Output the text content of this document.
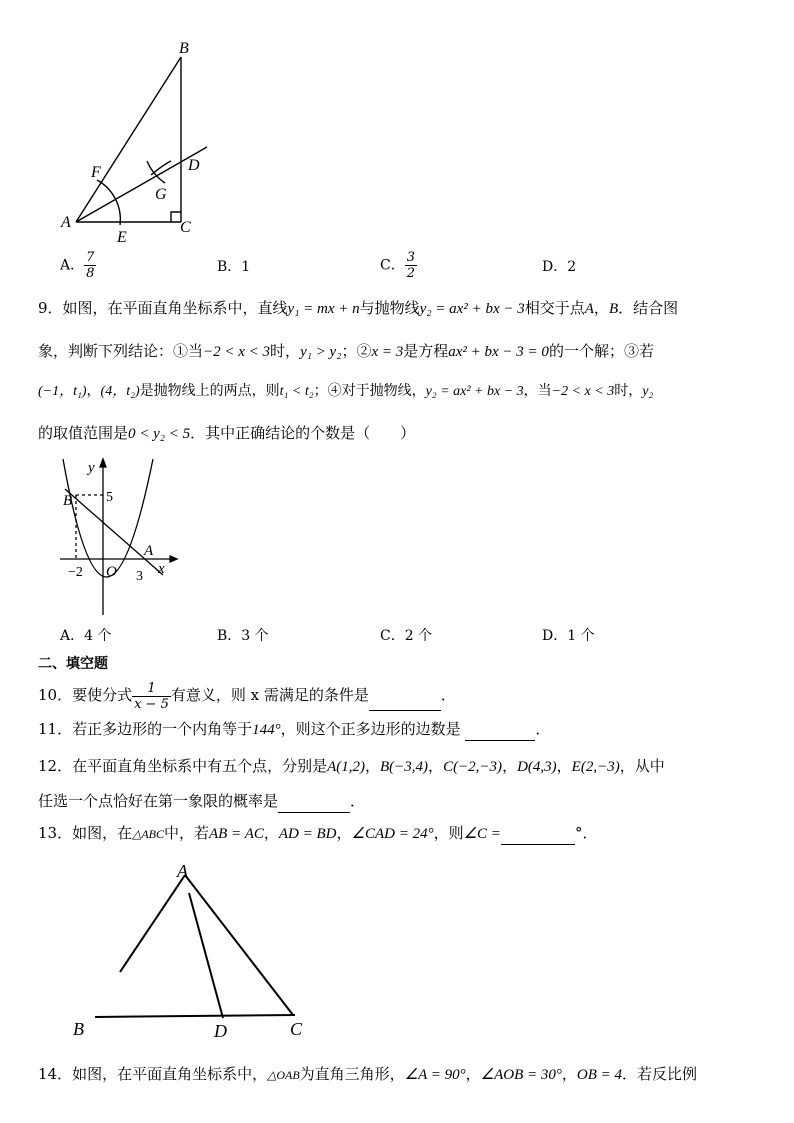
B
F	D
G
A
E
C
A． $\frac{7}{8}$	B．1	C． $\frac{3}{2}$	D．2
9．如图，在平面直角坐标系中，直线y₁ = mx + n与抛物线y₂ = ax² + bx − 3相交于点A，B．结合图
象，判断下列结论：①当−2 < x < 3时，y₁ > y₂；②x = 3是方程ax² + bx − 3 = 0的一个解；③若
(−1，t₁)，(4，t₂)是抛物线上的两点，则t₁ < t₂；④对于抛物线，y₂ = ax² + bx − 3，当−2 < x < 3时，y₂
的取值范围是0 < y₂ < 5．其中正确结论的个数是（　　）
y
5
B
A
−2 O 3 x
A．4 个	B．3 个	C．2 个	D．1 个
二、填空题
10．要使分式 $\frac{1}{x - 5}$ 有意义，则 x 需满足的条件是	．
11．若正多边形的一个内角等于144°，则这个正多边形的边数是	．
12．在平面直角坐标系中有五个点，分别是A(1,2)，B(−3,4)，C(−2,−3)，D(4,3)，E(2,−3)，从中
任选一个点恰好在第一象限的概率是	．
13．如图，在△ABC中，若AB = AC，AD = BD，∠CAD = 24°，则∠C =	°．
A
B	D	C
14．如图，在平面直角坐标系中，△OAB为直角三角形，∠A = 90°，∠AOB = 30°，OB = 4．若反比例
